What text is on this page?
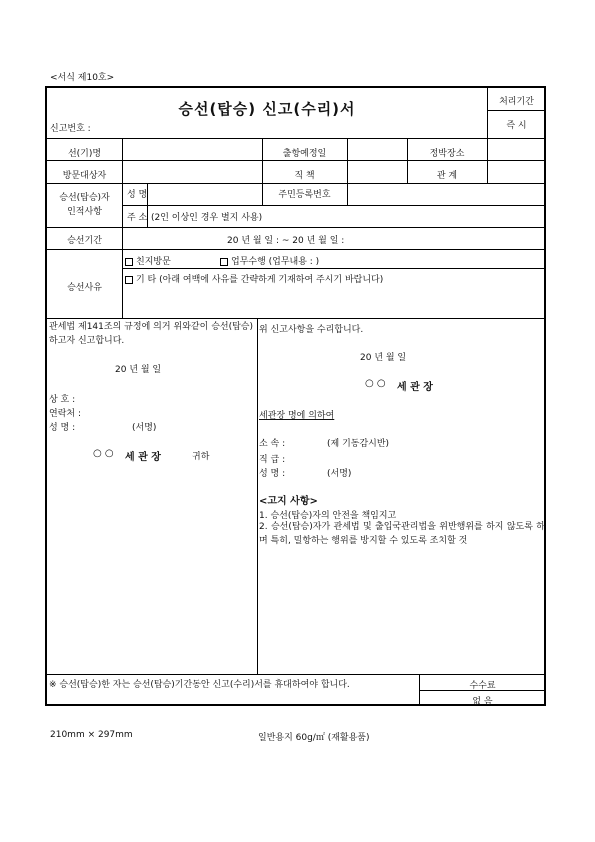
<서식 제10호>
승선(탑승) 신고(수리)서
신고번호 :
처리기간
즉 시
선(기)명	출항예정일	정박장소
방문대상자	직 책	관 계
승선(탑승)자
인적사항
성 명	주민등록번호
주 소 (2인 이상인 경우 별지 사용)
승선기간	20 년 월 일 : ~ 20 년 월 일 :
승선사유
친지방문	업무수행 (업무내용 : )
기 타 (아래 여백에 사유를 간략하게 기재하여 주시기 바랍니다)
관세법 제141조의 규정에 의거 위와같이 승선(탑승)하고자 신고합니다.
20 년 월 일
상 호 :
연락처 :
성 명 :	(서명)
○ ○ 세 관 장	귀하
위 신고사항을 수리합니다.
20 년 월 일
○ ○ 세 관 장
세관장 명에 의하여
소 속 :	(제 기동감시반)
직 급 :
성 명 :	(서명)
<고지 사항>
1. 승선(탑승)자의 안전을 책임지고
2. 승선(탑승)자가 관세법 및 출입국관리법을 위반행위를 하지 않도록 하며 특히, 밀항하는 행위를 방지할 수 있도록 조치할 것
※ 승선(탑승)한 자는 승선(탑승)기간동안 신고(수리)서를 휴대하여야 합니다.	수수료
없 음
210mm × 297mm	일반용지 60g/㎡ (재활용품)
